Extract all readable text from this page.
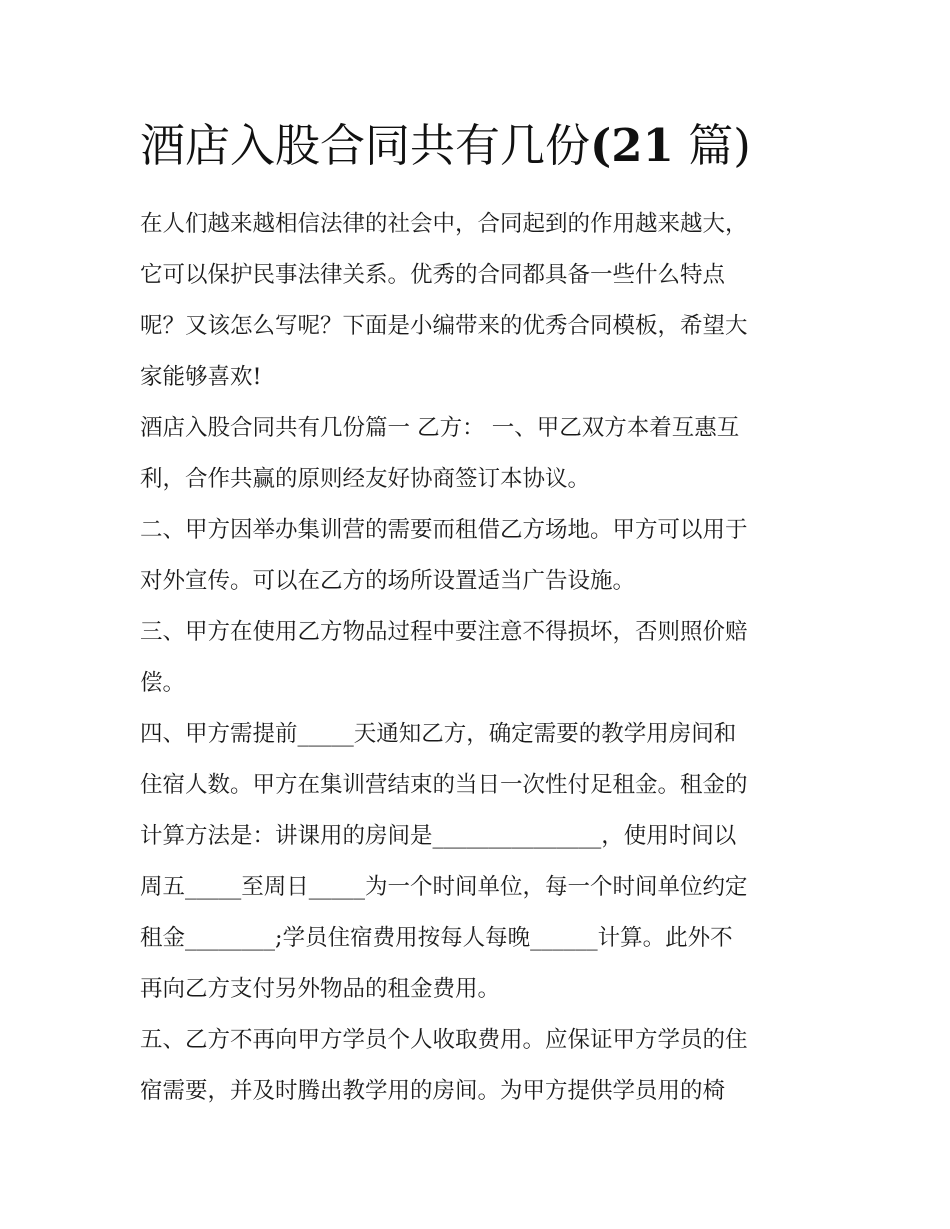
酒店入股合同共有几份(21 篇)
在人们越来越相信法律的社会中，合同起到的作用越来越大，
它可以保护民事法律关系。优秀的合同都具备一些什么特点
呢？又该怎么写呢？下面是小编带来的优秀合同模板，希望大
家能够喜欢!
酒店入股合同共有几份篇一 乙方： 一、甲乙双方本着互惠互
利，合作共赢的原则经友好协商签订本协议。
二、甲方因举办集训营的需要而租借乙方场地。甲方可以用于
对外宣传。可以在乙方的场所设置适当广告设施。
三、甲方在使用乙方物品过程中要注意不得损坏，否则照价赔
偿。
四、甲方需提前_____天通知乙方，确定需要的教学用房间和
住宿人数。甲方在集训营结束的当日一次性付足租金。租金的
计算方法是：讲课用的房间是_______________，使用时间以
周五_____至周日_____为一个时间单位，每一个时间单位约定
租金________;学员住宿费用按每人每晚______计算。此外不
再向乙方支付另外物品的租金费用。
五、乙方不再向甲方学员个人收取费用。应保证甲方学员的住
宿需要，并及时腾出教学用的房间。为甲方提供学员用的椅
